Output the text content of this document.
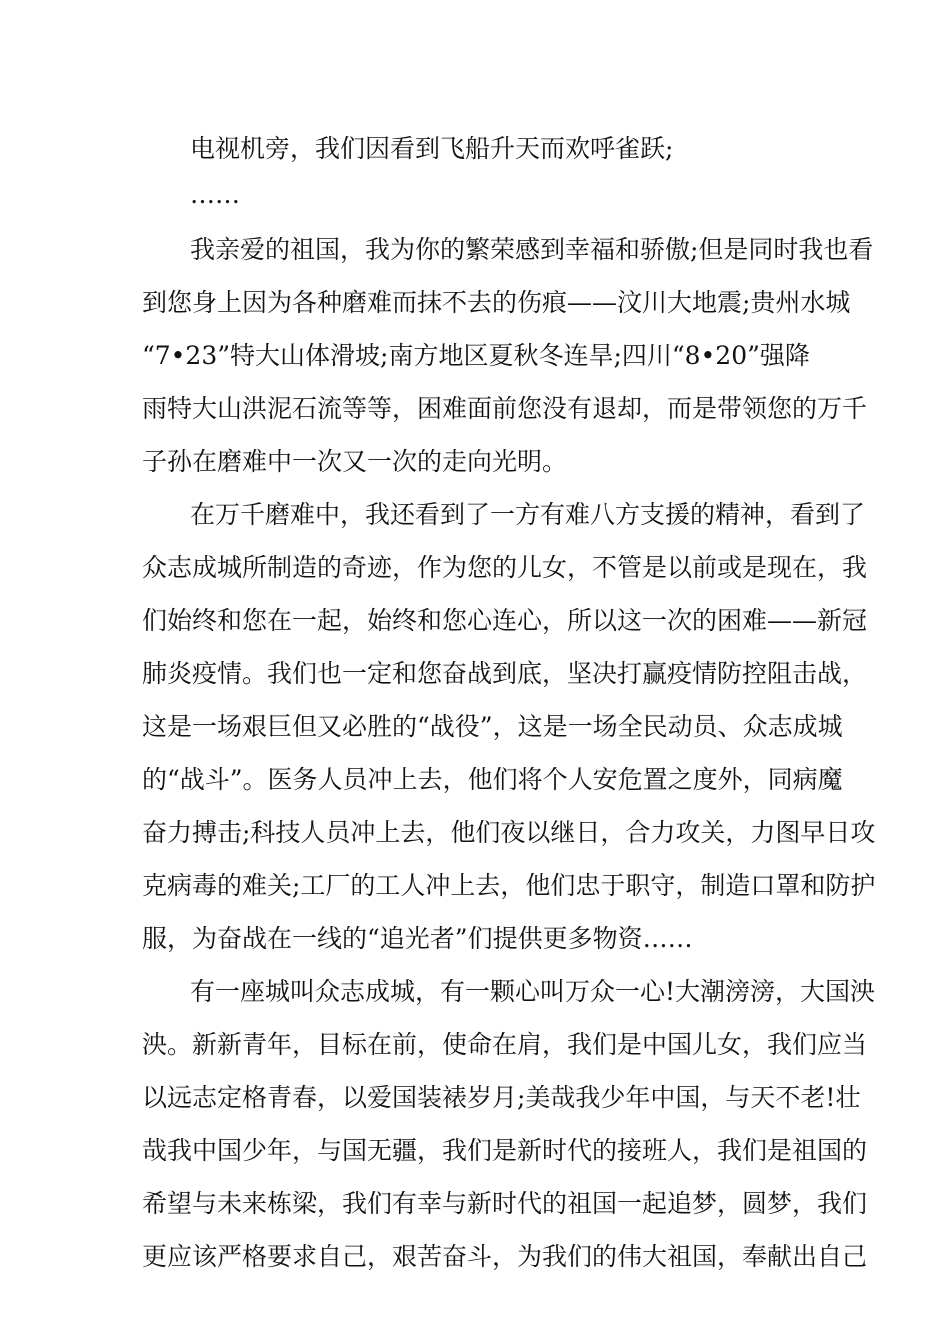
电视机旁，我们因看到飞船升天而欢呼雀跃;
……
我亲爱的祖国，我为你的繁荣感到幸福和骄傲;但是同时我也看
到您身上因为各种磨难而抹不去的伤痕——汶川大地震;贵州水城
“7•23”特大山体滑坡;南方地区夏秋冬连旱;四川“8•20”强降
雨特大山洪泥石流等等，困难面前您没有退却，而是带领您的万千
子孙在磨难中一次又一次的走向光明。
在万千磨难中，我还看到了一方有难八方支援的精神，看到了
众志成城所制造的奇迹，作为您的儿女，不管是以前或是现在，我
们始终和您在一起，始终和您心连心，所以这一次的困难——新冠
肺炎疫情。我们也一定和您奋战到底，坚决打赢疫情防控阻击战，
这是一场艰巨但又必胜的“战役”，这是一场全民动员、众志成城
的“战斗”。医务人员冲上去，他们将个人安危置之度外，同病魔
奋力搏击;科技人员冲上去，他们夜以继日，合力攻关，力图早日攻
克病毒的难关;工厂的工人冲上去，他们忠于职守，制造口罩和防护
服，为奋战在一线的“追光者”们提供更多物资……
有一座城叫众志成城，有一颗心叫万众一心!大潮滂滂，大国泱
泱。新新青年，目标在前，使命在肩，我们是中国儿女，我们应当
以远志定格青春，以爱国装裱岁月;美哉我少年中国，与天不老!壮
哉我中国少年，与国无疆，我们是新时代的接班人，我们是祖国的
希望与未来栋梁，我们有幸与新时代的祖国一起追梦，圆梦，我们
更应该严格要求自己，艰苦奋斗，为我们的伟大祖国，奉献出自己
